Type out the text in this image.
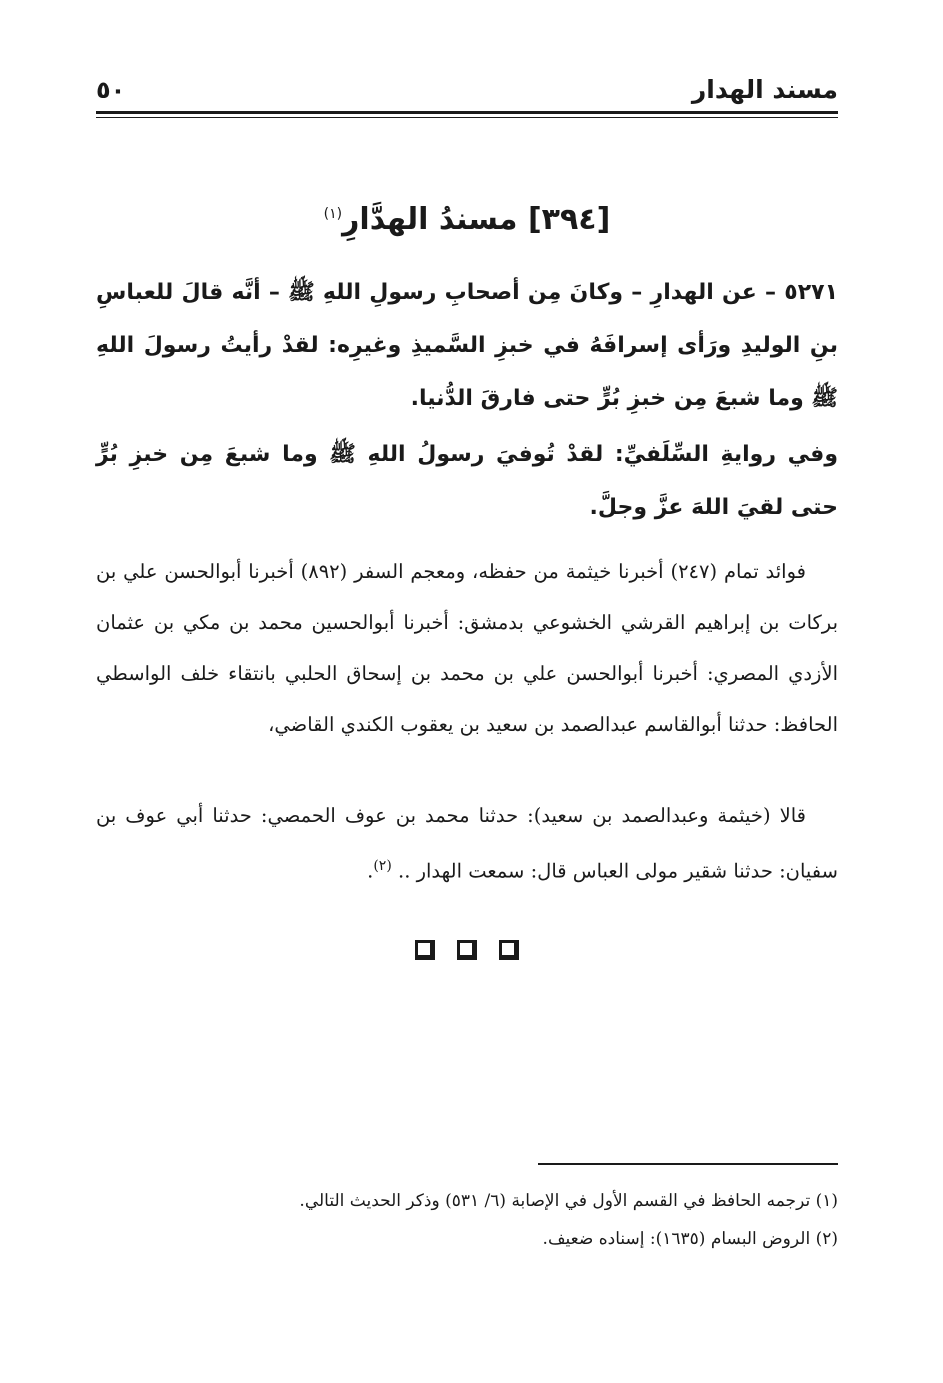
مسند الهدار
٥٠
[٣٩٤] مسندُ الهدَّارِ$^{(١)}$

٥٢٧١ – عن الهدارِ – وكانَ مِن أصحابِ رسولِ اللهِ ﷺ – أنَّه قالَ للعباسِ بنِ الوليدِ ورَأى إسرافَهُ في خبزِ السَّميذِ وغيرِه: لقدْ رأيتُ رسولَ اللهِ ﷺ وما شبعَ مِن خبزِ بُرٍّ حتى فارقَ الدُّنيا.

وفي روايةِ السِّلَفيِّ: لقدْ تُوفيَ رسولُ اللهِ ﷺ وما شبعَ مِن خبزِ بُرٍّ حتى لقيَ اللهَ عزَّ وجلَّ.

فوائد تمام (٢٤٧) أخبرنا خيثمة من حفظه، ومعجم السفر (٨٩٢) أخبرنا أبوالحسن علي بن بركات بن إبراهيم القرشي الخشوعي بدمشق: أخبرنا أبوالحسين محمد بن مكي بن عثمان الأزدي المصري: أخبرنا أبوالحسن علي بن محمد بن إسحاق الحلبي بانتقاء خلف الواسطي الحافظ: حدثنا أبوالقاسم عبدالصمد بن سعيد بن يعقوب الكندي القاضي،

قالا (خيثمة وعبدالصمد بن سعيد): حدثنا محمد بن عوف الحمصي: حدثنا أبي عوف بن سفيان: حدثنا شقير مولى العباس قال: سمعت الهدار .. $^{(٢)}$.

(١) ترجمه الحافظ في القسم الأول في الإصابة (٦/ ٥٣١) وذكر الحديث التالي.

(٢) الروض البسام (١٦٣٥): إسناده ضعيف.
